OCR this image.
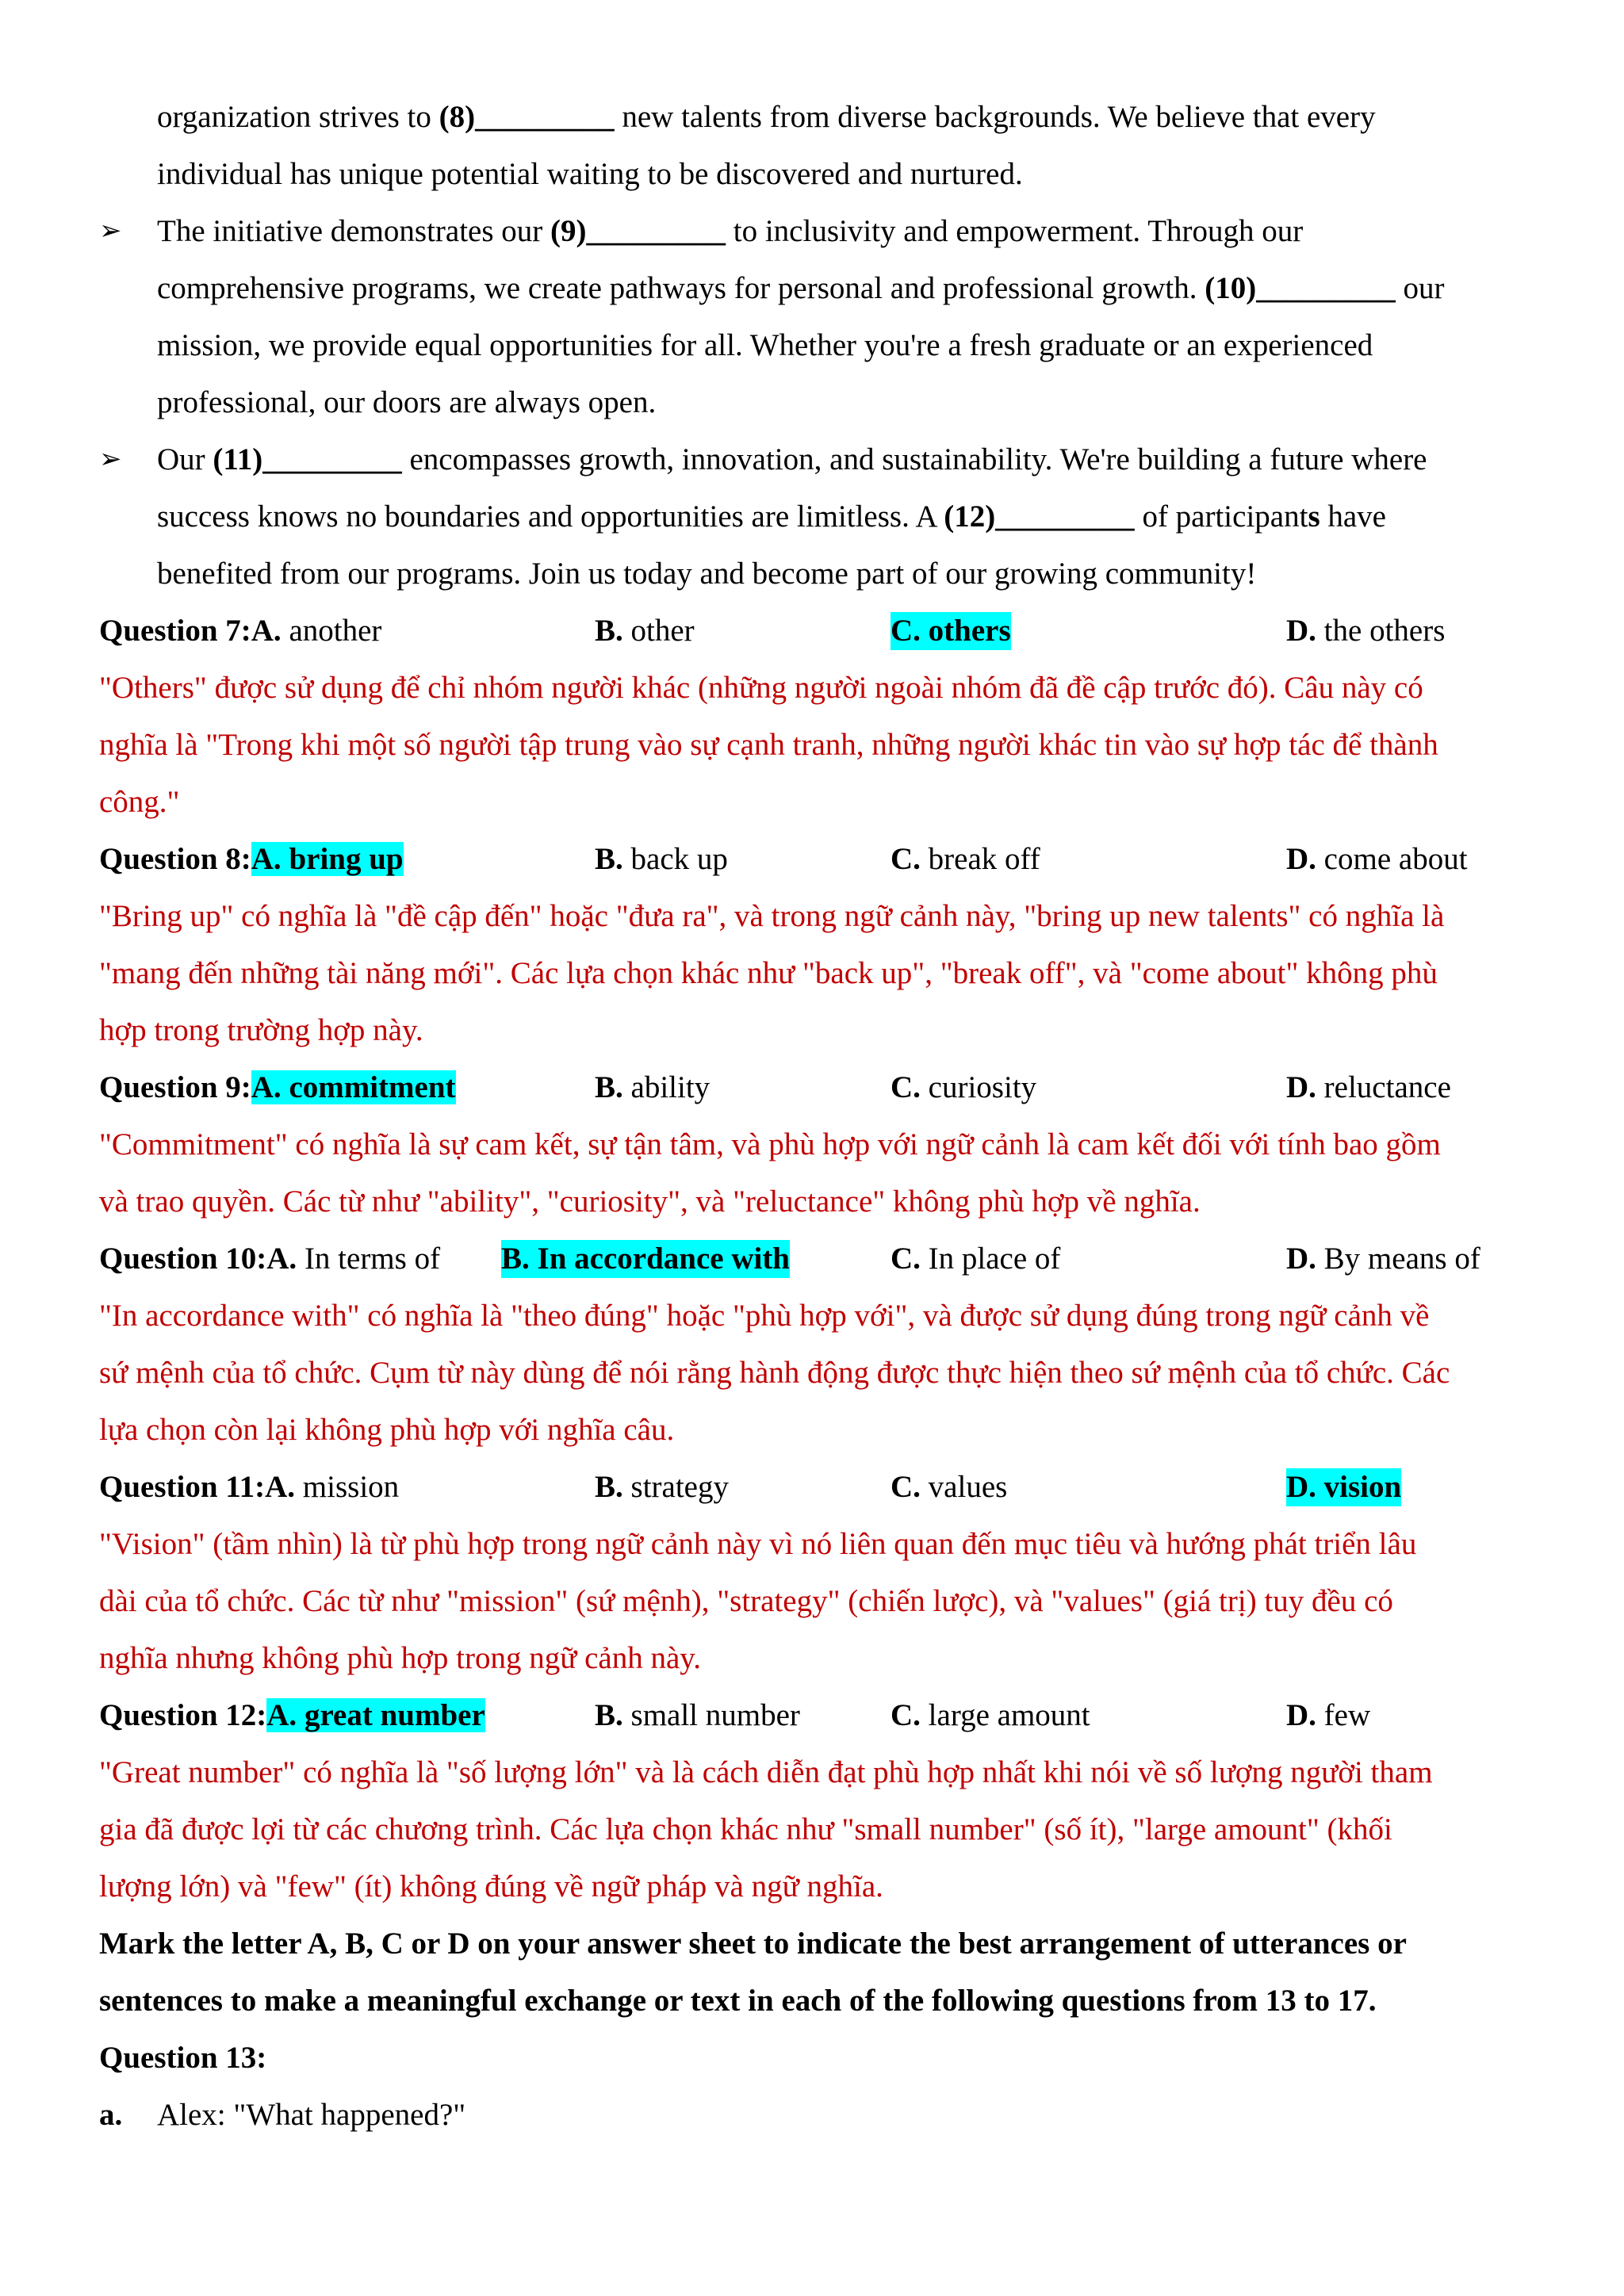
organization strives to (8)_________ new talents from diverse backgrounds. We believe that every
individual has unique potential waiting to be discovered and nurtured.
➢ The initiative demonstrates our (9)_________ to inclusivity and empowerment. Through our
comprehensive programs, we create pathways for personal and professional growth. (10)_________ our
mission, we provide equal opportunities for all. Whether you're a fresh graduate or an experienced
professional, our doors are always open.
➢ Our (11)_________ encompasses growth, innovation, and sustainability. We're building a future where
success knows no boundaries and opportunities are limitless. A (12)_________ of participants have
benefited from our programs. Join us today and become part of our growing community!
Question 7:A. another	B. other	C. others	D. the others
"Others" được sử dụng để chỉ nhóm người khác (những người ngoài nhóm đã đề cập trước đó). Câu này có
nghĩa là "Trong khi một số người tập trung vào sự cạnh tranh, những người khác tin vào sự hợp tác để thành
công."
Question 8:A. bring up	B. back up	C. break off	D. come about
"Bring up" có nghĩa là "đề cập đến" hoặc "đưa ra", và trong ngữ cảnh này, "bring up new talents" có nghĩa là
"mang đến những tài năng mới". Các lựa chọn khác như "back up", "break off", và "come about" không phù
hợp trong trường hợp này.
Question 9:A. commitment	B. ability	C. curiosity	D. reluctance
"Commitment" có nghĩa là sự cam kết, sự tận tâm, và phù hợp với ngữ cảnh là cam kết đối với tính bao gồm
và trao quyền. Các từ như "ability", "curiosity", và "reluctance" không phù hợp về nghĩa.
Question 10:A. In terms of B. In accordance with	C. In place of	D. By means of
"In accordance with" có nghĩa là "theo đúng" hoặc "phù hợp với", và được sử dụng đúng trong ngữ cảnh về
sứ mệnh của tổ chức. Cụm từ này dùng để nói rằng hành động được thực hiện theo sứ mệnh của tổ chức. Các
lựa chọn còn lại không phù hợp với nghĩa câu.
Question 11:A. mission	B. strategy	C. values	D. vision
"Vision" (tầm nhìn) là từ phù hợp trong ngữ cảnh này vì nó liên quan đến mục tiêu và hướng phát triển lâu
dài của tổ chức. Các từ như "mission" (sứ mệnh), "strategy" (chiến lược), và "values" (giá trị) tuy đều có
nghĩa nhưng không phù hợp trong ngữ cảnh này.
Question 12:A. great number	B. small number	C. large amount	D. few
"Great number" có nghĩa là "số lượng lớn" và là cách diễn đạt phù hợp nhất khi nói về số lượng người tham
gia đã được lợi từ các chương trình. Các lựa chọn khác như "small number" (số ít), "large amount" (khối
lượng lớn) và "few" (ít) không đúng về ngữ pháp và ngữ nghĩa.
Mark the letter A, B, C or D on your answer sheet to indicate the best arrangement of utterances or
sentences to make a meaningful exchange or text in each of the following questions from 13 to 17.
Question 13:
a. Alex: "What happened?"
